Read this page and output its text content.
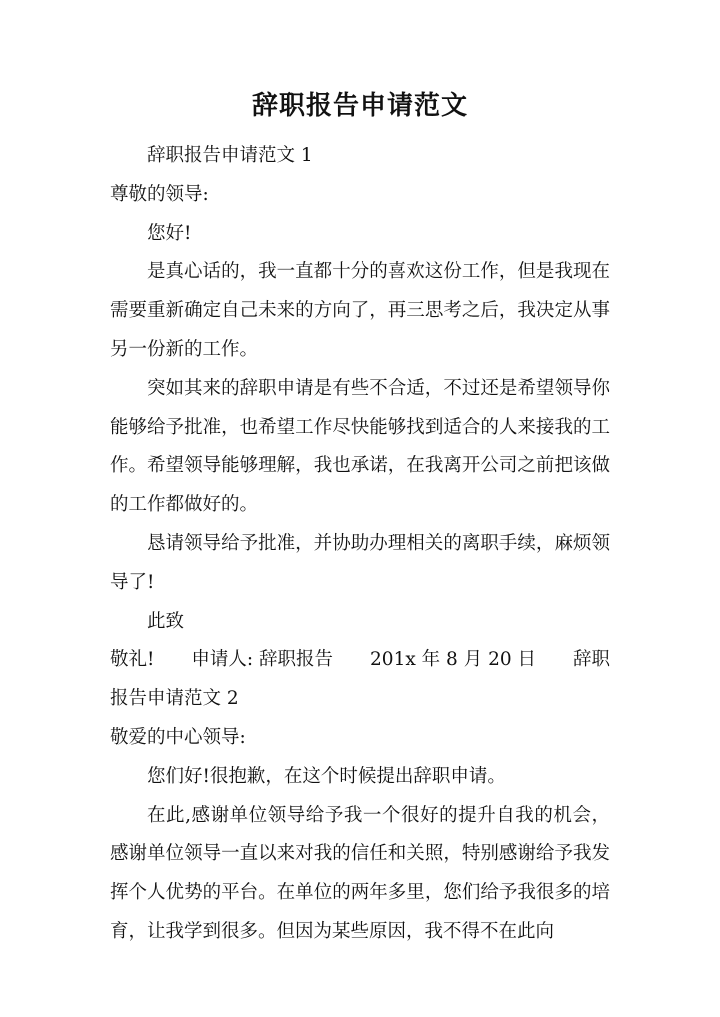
辞职报告申请范文

辞职报告申请范文 1

尊敬的领导:

您好!

是真心话的，我一直都十分的喜欢这份工作，但是我现在需要重新确定自己未来的方向了，再三思考之后，我决定从事另一份新的工作。

突如其来的辞职申请是有些不合适，不过还是希望领导你能够给予批准，也希望工作尽快能够找到适合的人来接我的工作。希望领导能够理解，我也承诺，在我离开公司之前把该做的工作都做好的。

恳请领导给予批准，并协助办理相关的离职手续，麻烦领导了!

此致

敬礼! 申请人: 辞职报告 201x 年 8 月 20 日 辞职

报告申请范文 2

敬爱的中心领导:

您们好!很抱歉，在这个时候提出辞职申请。

在此,感谢单位领导给予我一个很好的提升自我的机会，感谢单位领导一直以来对我的信任和关照，特别感谢给予我发挥个人优势的平台。在单位的两年多里，您们给予我很多的培育，让我学到很多。但因为某些原因，我不得不在此向
